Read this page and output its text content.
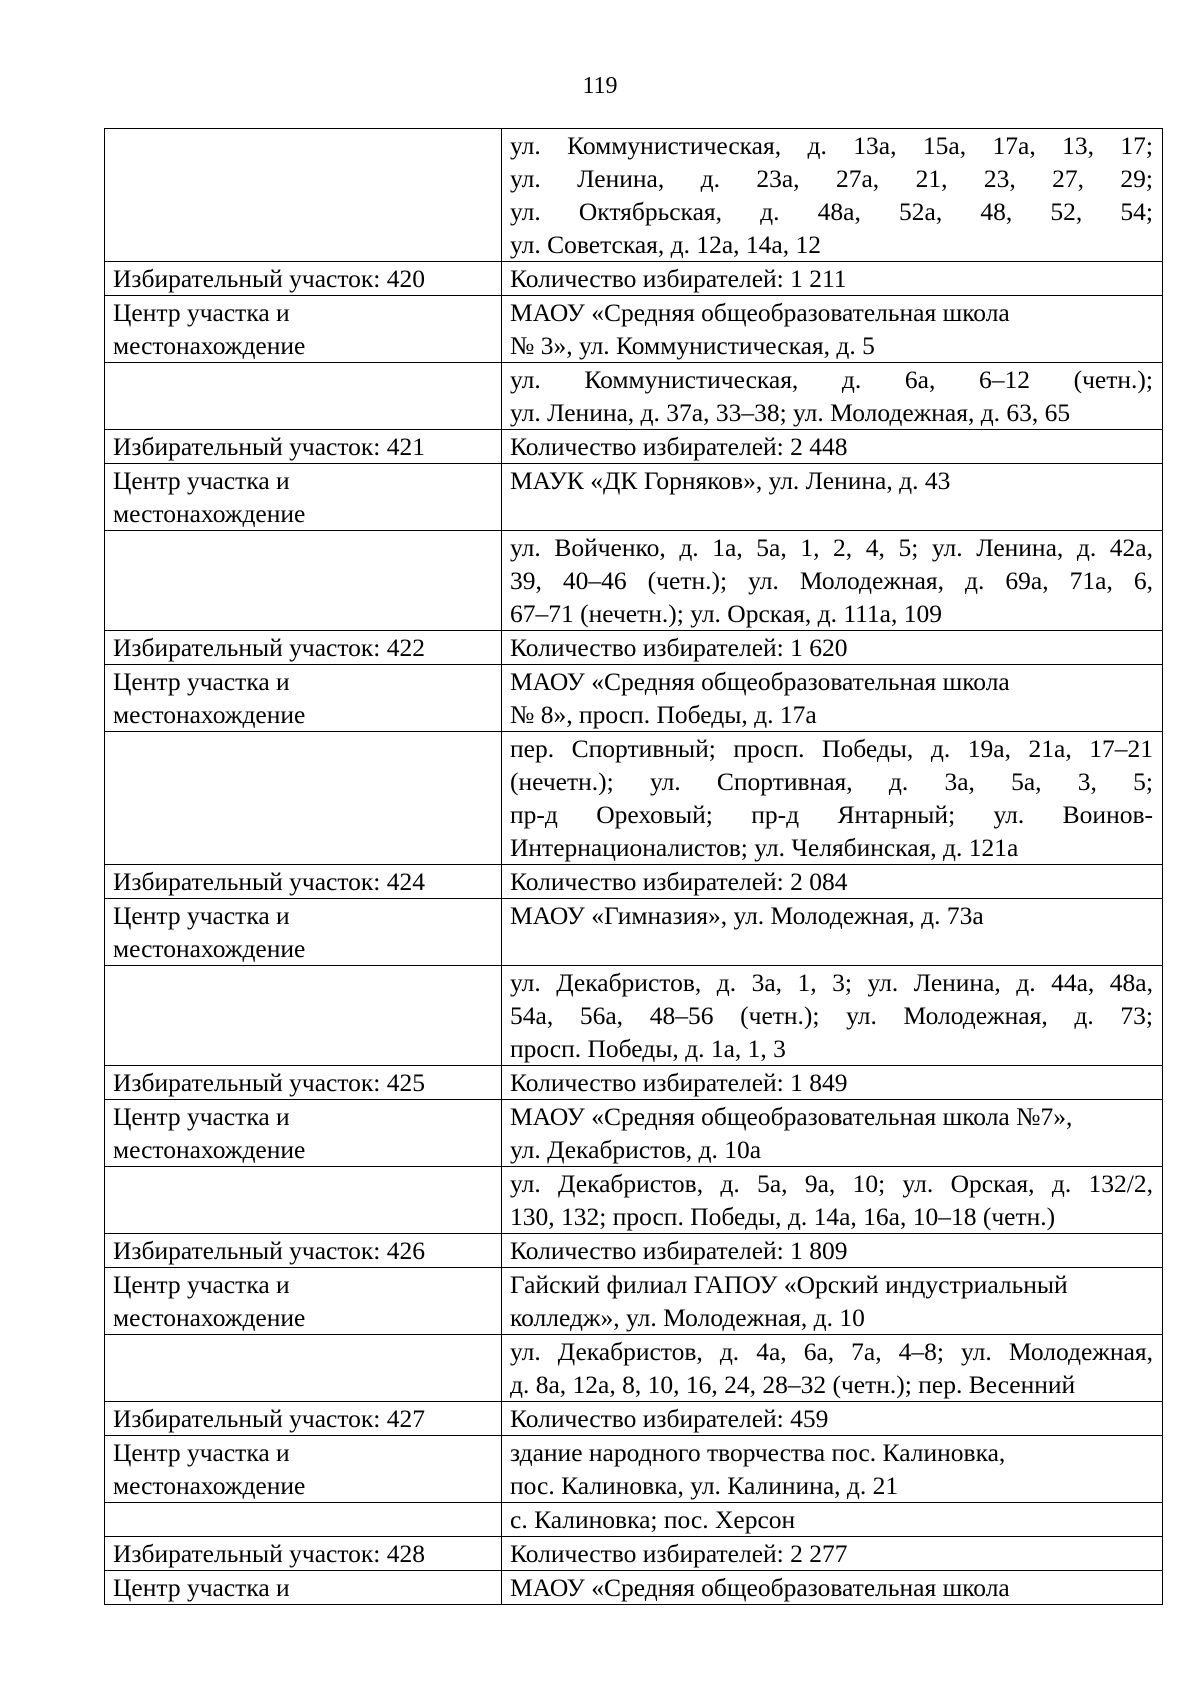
119

	ул. Коммунистическая, д. 13а, 15а, 17а, 13, 17;
ул. Ленина, д. 23а, 27а, 21, 23, 27, 29;
ул. Октябрьская, д. 48а, 52а, 48, 52, 54;
ул. Советская, д. 12а, 14а, 12

Избирательный участок: 420	Количество избирателей: 1 211

Центр участка и
местонахождение	МАОУ «Средняя общеобразовательная школа
№ 3», ул. Коммунистическая, д. 5

	ул. Коммунистическая, д. 6а, 6–12 (четн.);
ул. Ленина, д. 37а, 33–38; ул. Молодежная, д. 63, 65

Избирательный участок: 421	Количество избирателей: 2 448

Центр участка и
местонахождение	МАУК «ДК Горняков», ул. Ленина, д. 43

	ул. Войченко, д. 1а, 5а, 1, 2, 4, 5; ул. Ленина, д. 42а,
39, 40–46 (четн.); ул. Молодежная, д. 69а, 71а, 6,
67–71 (нечетн.); ул. Орская, д. 111а, 109

Избирательный участок: 422	Количество избирателей: 1 620

Центр участка и
местонахождение	МАОУ «Средняя общеобразовательная школа
№ 8», просп. Победы, д. 17а

	пер. Спортивный; просп. Победы, д. 19а, 21а, 17–21
(нечетн.); ул. Спортивная, д. 3а, 5а, 3, 5;
пр-д Ореховый; пр-д Янтарный; ул. Воинов-
Интернационалистов; ул. Челябинская, д. 121а

Избирательный участок: 424	Количество избирателей: 2 084

Центр участка и
местонахождение	МАОУ «Гимназия», ул. Молодежная, д. 73а

	ул. Декабристов, д. 3а, 1, 3; ул. Ленина, д. 44а, 48а,
54а, 56а, 48–56 (четн.); ул. Молодежная, д. 73;
просп. Победы, д. 1а, 1, 3

Избирательный участок: 425	Количество избирателей: 1 849

Центр участка и
местонахождение	МАОУ «Средняя общеобразовательная школа №7»,
ул. Декабристов, д. 10а

	ул. Декабристов, д. 5а, 9а, 10; ул. Орская, д. 132/2,
130, 132; просп. Победы, д. 14а, 16а, 10–18 (четн.)

Избирательный участок: 426	Количество избирателей: 1 809

Центр участка и
местонахождение	Гайский филиал ГАПОУ «Орский индустриальный
колледж», ул. Молодежная, д. 10

	ул. Декабристов, д. 4а, 6а, 7а, 4–8; ул. Молодежная,
д. 8а, 12а, 8, 10, 16, 24, 28–32 (четн.); пер. Весенний

Избирательный участок: 427	Количество избирателей: 459

Центр участка и
местонахождение	здание народного творчества пос. Калиновка,
пос. Калиновка, ул. Калинина, д. 21

	с. Калиновка; пос. Херсон

Избирательный участок: 428	Количество избирателей: 2 277

Центр участка и	МАОУ «Средняя общеобразовательная школа
